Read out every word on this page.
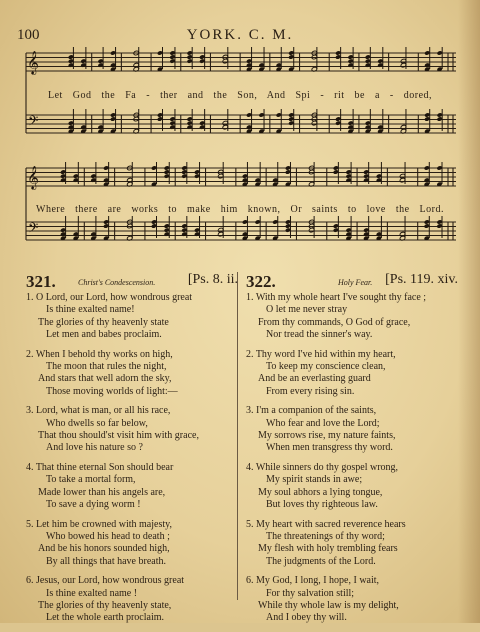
100	YORK. C. M.
𝄞
𝄢
𝄞
𝄢
Let God the Fa - ther and the Son, And Spi - rit be a - dored,
Where there are works to make him known, Or saints to love the Lord.
321.	Christ's Condescension. [Ps. 8. ii.
1. O Lord, our Lord, how wondrous great
Is thine exalted name!
The glories of thy heavenly state
Let men and babes proclaim.
2. When I behold thy works on high,
The moon that rules the night,
And stars that well adorn the sky,
Those moving worlds of light:—
3. Lord, what is man, or all his race,
Who dwells so far below,
That thou should'st visit him with grace,
And love his nature so ?
4. That thine eternal Son should bear
To take a mortal form,
Made lower than his angels are,
To save a dying worm !
5. Let him be crowned with majesty,
Who bowed his head to death ;
And be his honors sounded high,
By all things that have breath.
6. Jesus, our Lord, how wondrous great
Is thine exalted name !
The glories of thy heavenly state,
Let the whole earth proclaim.
322.	Holy Fear. [Ps. 119. xiv.
1. With my whole heart I've sought thy face ;
O let me never stray
From thy commands, O God of grace,
Nor tread the sinner's way.
2. Thy word I've hid within my heart,
To keep my conscience clean,
And be an everlasting guard
From every rising sin.
3. I'm a companion of the saints,
Who fear and love the Lord;
My sorrows rise, my nature faints,
When men transgress thy word.
4. While sinners do thy gospel wrong,
My spirit stands in awe;
My soul abhors a lying tongue,
But loves thy righteous law.
5. My heart with sacred reverence hears
The threatenings of thy word;
My flesh with holy trembling fears
The judgments of the Lord.
6. My God, I long, I hope, I wait,
For thy salvation still;
While thy whole law is my delight,
And I obey thy will.
